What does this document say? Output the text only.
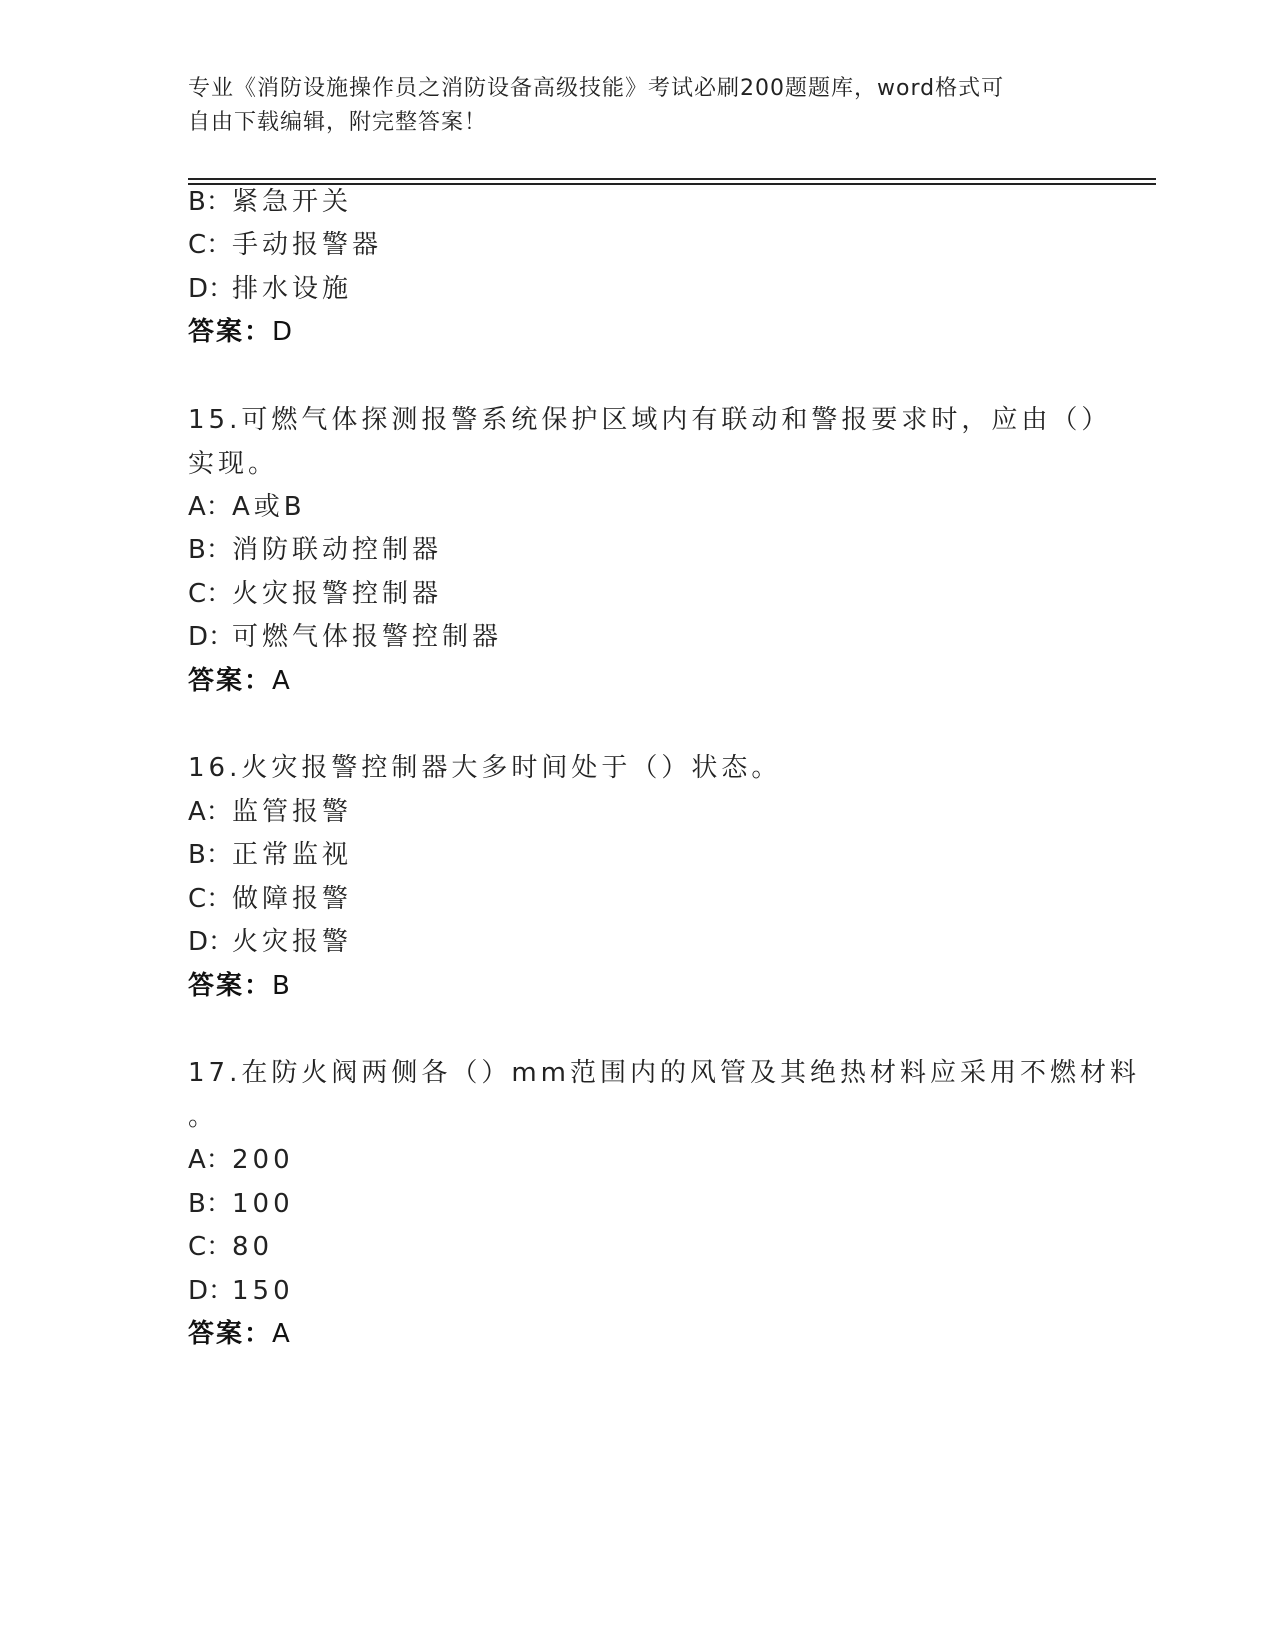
专业《消防设施操作员之消防设备高级技能》考试必刷200题题库，word格式可
自由下载编辑，附完整答案！
B：紧急开关
C：手动报警器
D：排水设施
答案：D
15.可燃气体探测报警系统保护区域内有联动和警报要求时，应由（）
实现。
A：A或B
B：消防联动控制器
C：火灾报警控制器
D：可燃气体报警控制器
答案：A
16.火灾报警控制器大多时间处于（）状态。
A：监管报警
B：正常监视
C：做障报警
D：火灾报警
答案：B
17.在防火阀两侧各（）mm范围内的风管及其绝热材料应采用不燃材料
。
A：200
B：100
C：80
D：150
答案：A
